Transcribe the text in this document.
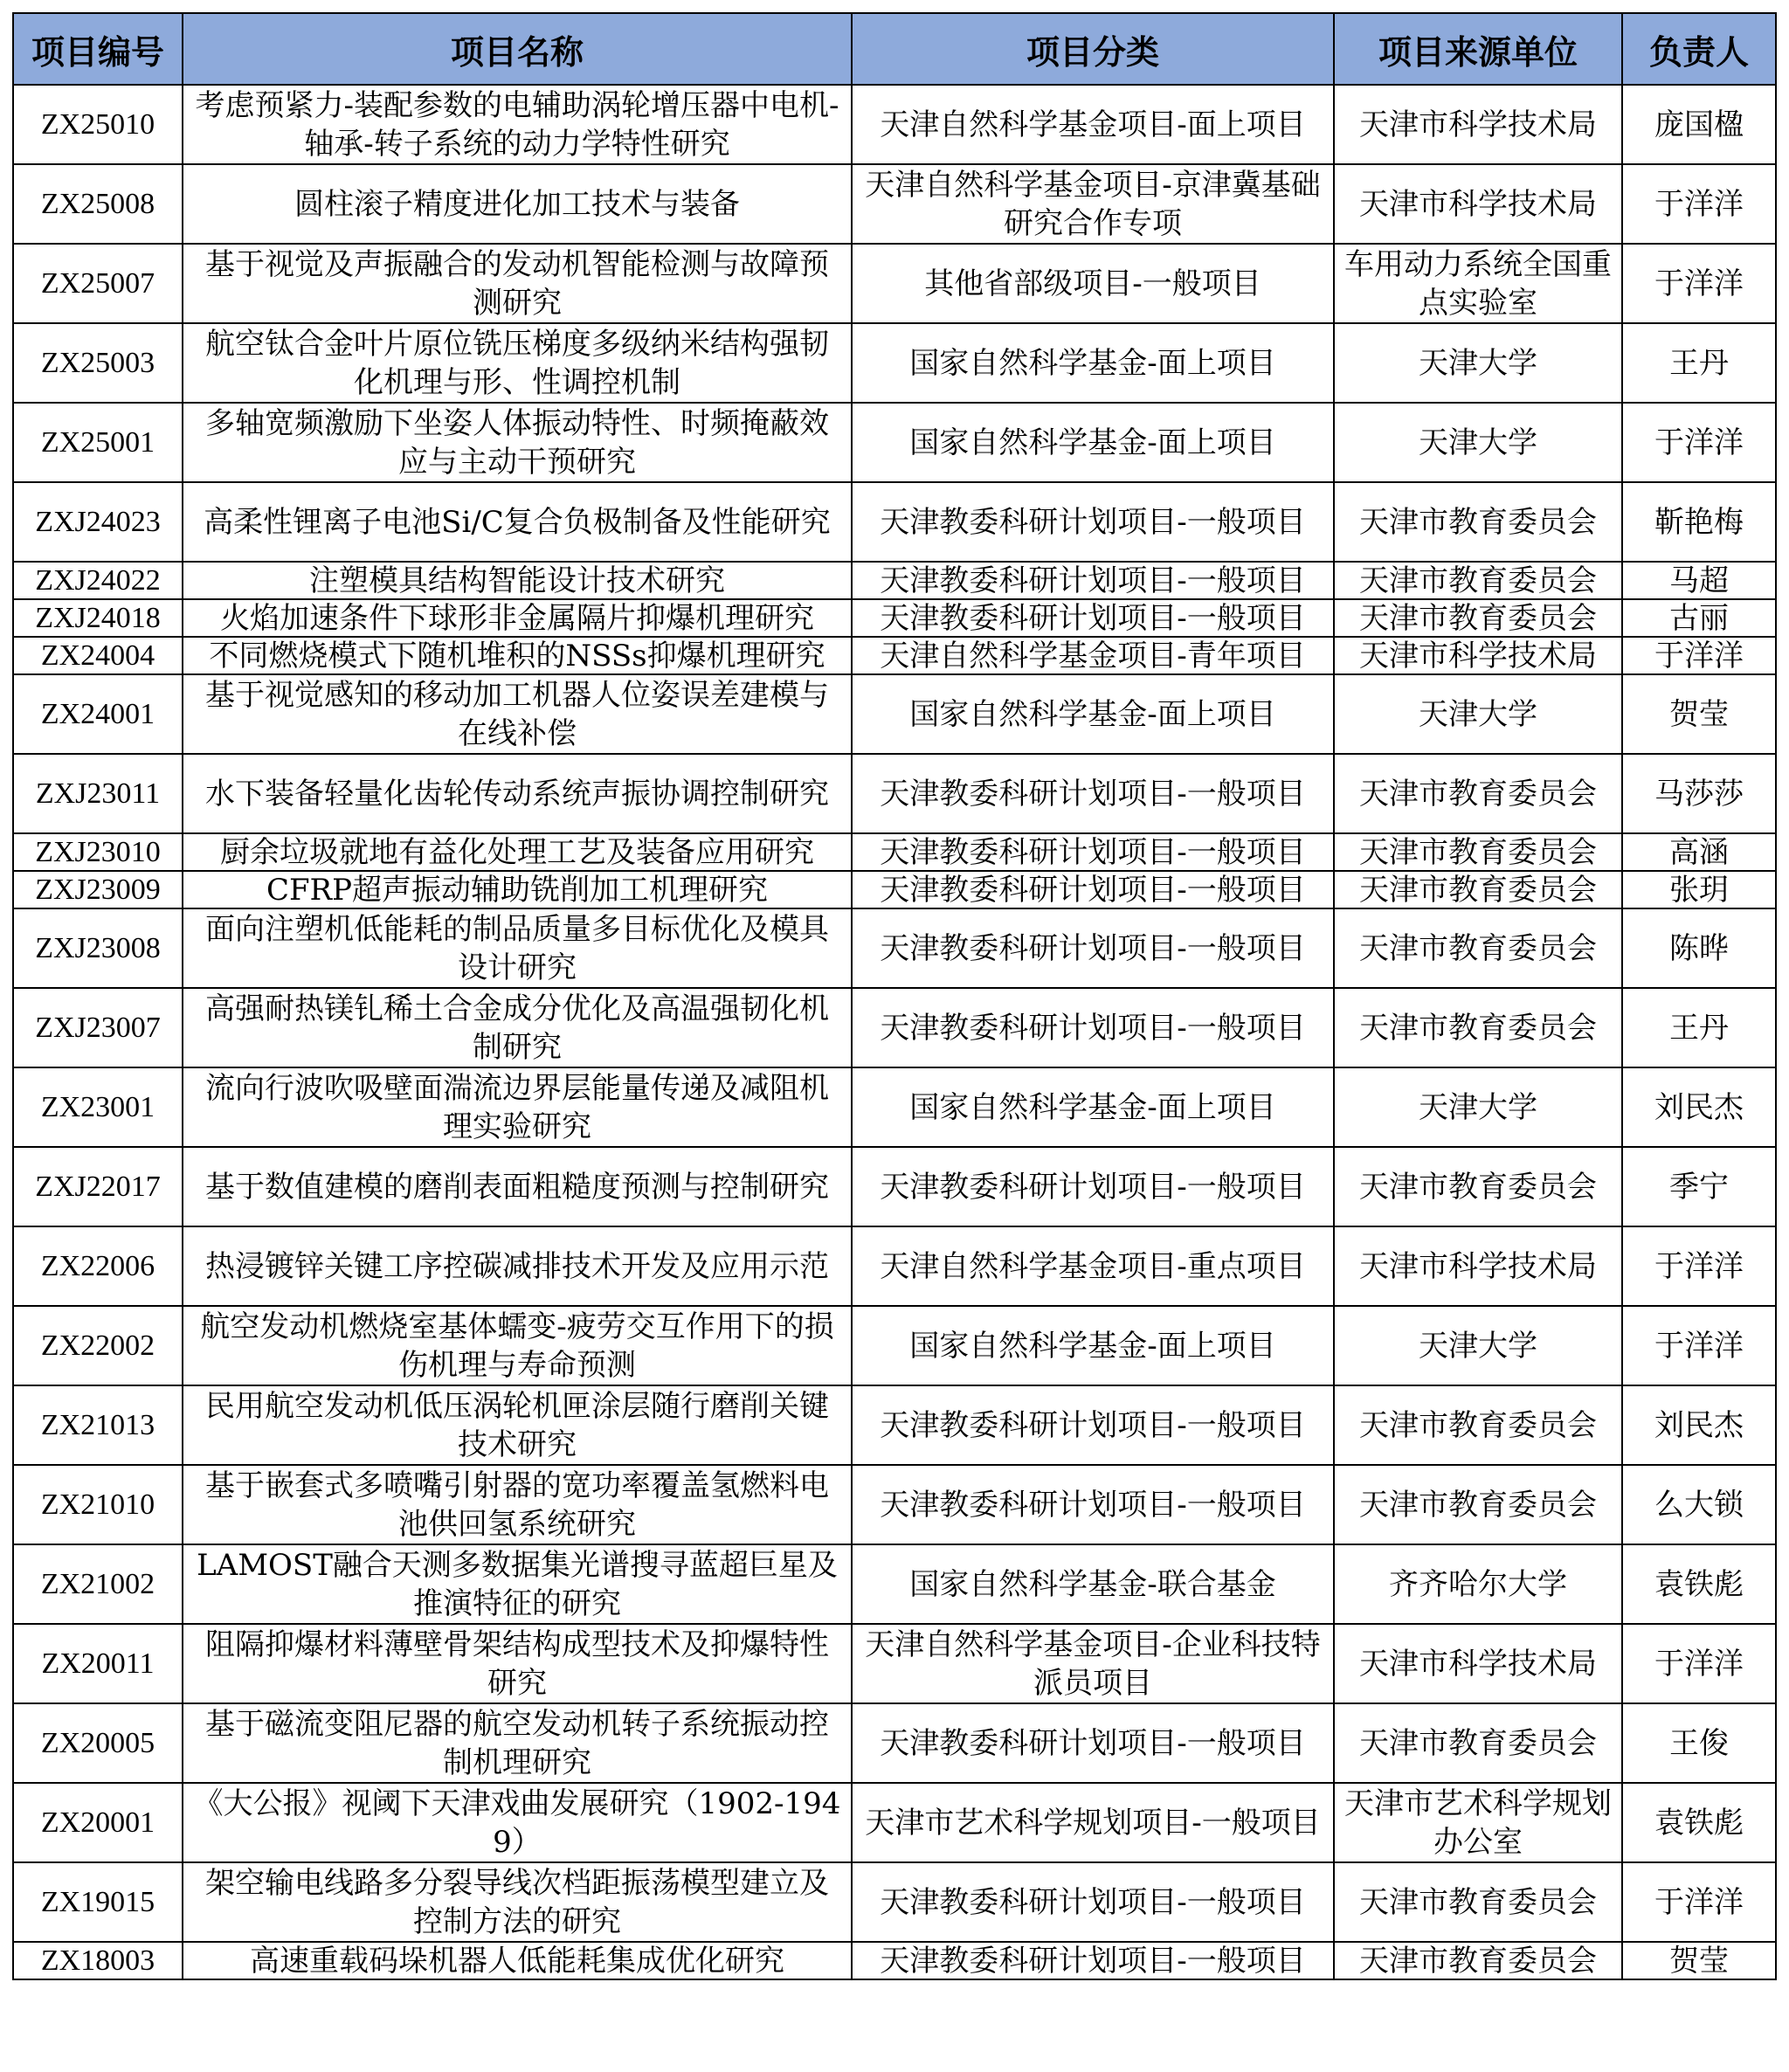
项目编号	项目名称	项目分类	项目来源单位	负责人
ZX25010	考虑预紧力-装配参数的电辅助涡轮增压器中电机-轴承-转子系统的动力学特性研究	天津自然科学基金项目-面上项目	天津市科学技术局	庞国楹
ZX25008	圆柱滚子精度进化加工技术与装备	天津自然科学基金项目-京津冀基础研究合作专项	天津市科学技术局	于洋洋
ZX25007	基于视觉及声振融合的发动机智能检测与故障预测研究	其他省部级项目-一般项目	车用动力系统全国重点实验室	于洋洋
ZX25003	航空钛合金叶片原位铣压梯度多级纳米结构强韧化机理与形、性调控机制	国家自然科学基金-面上项目	天津大学	王丹
ZX25001	多轴宽频激励下坐姿人体振动特性、时频掩蔽效应与主动干预研究	国家自然科学基金-面上项目	天津大学	于洋洋
ZXJ24023	高柔性锂离子电池Si/C复合负极制备及性能研究	天津教委科研计划项目-一般项目	天津市教育委员会	靳艳梅
ZXJ24022	注塑模具结构智能设计技术研究	天津教委科研计划项目-一般项目	天津市教育委员会	马超
ZXJ24018	火焰加速条件下球形非金属隔片抑爆机理研究	天津教委科研计划项目-一般项目	天津市教育委员会	古丽
ZX24004	不同燃烧模式下随机堆积的NSSs抑爆机理研究	天津自然科学基金项目-青年项目	天津市科学技术局	于洋洋
ZX24001	基于视觉感知的移动加工机器人位姿误差建模与在线补偿	国家自然科学基金-面上项目	天津大学	贺莹
ZXJ23011	水下装备轻量化齿轮传动系统声振协调控制研究	天津教委科研计划项目-一般项目	天津市教育委员会	马莎莎
ZXJ23010	厨余垃圾就地有益化处理工艺及装备应用研究	天津教委科研计划项目-一般项目	天津市教育委员会	高涵
ZXJ23009	CFRP超声振动辅助铣削加工机理研究	天津教委科研计划项目-一般项目	天津市教育委员会	张玥
ZXJ23008	面向注塑机低能耗的制品质量多目标优化及模具设计研究	天津教委科研计划项目-一般项目	天津市教育委员会	陈晔
ZXJ23007	高强耐热镁钆稀土合金成分优化及高温强韧化机制研究	天津教委科研计划项目-一般项目	天津市教育委员会	王丹
ZX23001	流向行波吹吸壁面湍流边界层能量传递及减阻机理实验研究	国家自然科学基金-面上项目	天津大学	刘民杰
ZXJ22017	基于数值建模的磨削表面粗糙度预测与控制研究	天津教委科研计划项目-一般项目	天津市教育委员会	季宁
ZX22006	热浸镀锌关键工序控碳减排技术开发及应用示范	天津自然科学基金项目-重点项目	天津市科学技术局	于洋洋
ZX22002	航空发动机燃烧室基体蠕变-疲劳交互作用下的损伤机理与寿命预测	国家自然科学基金-面上项目	天津大学	于洋洋
ZX21013	民用航空发动机低压涡轮机匣涂层随行磨削关键技术研究	天津教委科研计划项目-一般项目	天津市教育委员会	刘民杰
ZX21010	基于嵌套式多喷嘴引射器的宽功率覆盖氢燃料电池供回氢系统研究	天津教委科研计划项目-一般项目	天津市教育委员会	么大锁
ZX21002	LAMOST融合天测多数据集光谱搜寻蓝超巨星及推演特征的研究	国家自然科学基金-联合基金	齐齐哈尔大学	袁铁彪
ZX20011	阻隔抑爆材料薄壁骨架结构成型技术及抑爆特性研究	天津自然科学基金项目-企业科技特派员项目	天津市科学技术局	于洋洋
ZX20005	基于磁流变阻尼器的航空发动机转子系统振动控制机理研究	天津教委科研计划项目-一般项目	天津市教育委员会	王俊
ZX20001	《大公报》视阈下天津戏曲发展研究（1902-1949）	天津市艺术科学规划项目-一般项目	天津市艺术科学规划办公室	袁铁彪
ZX19015	架空输电线路多分裂导线次档距振荡模型建立及控制方法的研究	天津教委科研计划项目-一般项目	天津市教育委员会	于洋洋
ZX18003	高速重载码垛机器人低能耗集成优化研究	天津教委科研计划项目-一般项目	天津市教育委员会	贺莹
